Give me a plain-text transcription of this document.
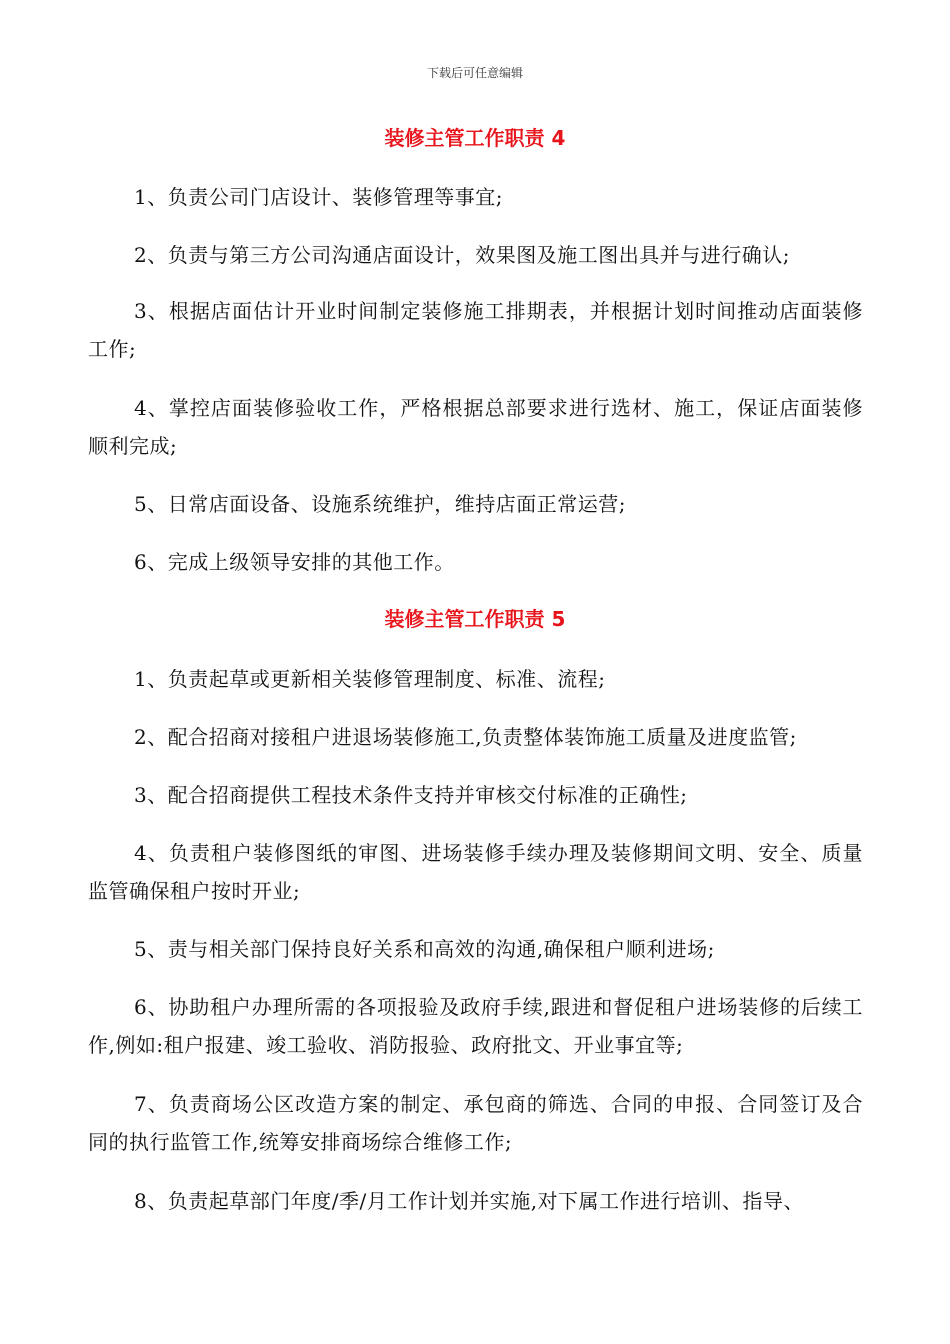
下载后可任意编辑
装修主管工作职责 4
1、负责公司门店设计、装修管理等事宜;
2、负责与第三方公司沟通店面设计，效果图及施工图出具并与进行确认;
3、根据店面估计开业时间制定装修施工排期表，并根据计划时间推动店面装修工作;
4、掌控店面装修验收工作，严格根据总部要求进行选材、施工，保证店面装修顺利完成;
5、日常店面设备、设施系统维护，维持店面正常运营;
6、完成上级领导安排的其他工作。
装修主管工作职责 5
1、负责起草或更新相关装修管理制度、标准、流程;
2、配合招商对接租户进退场装修施工,负责整体装饰施工质量及进度监管;
3、配合招商提供工程技术条件支持并审核交付标准的正确性;
4、负责租户装修图纸的审图、进场装修手续办理及装修期间文明、安全、质量监管确保租户按时开业;
5、责与相关部门保持良好关系和高效的沟通,确保租户顺利进场;
6、协助租户办理所需的各项报验及政府手续,跟进和督促租户进场装修的后续工作,例如:租户报建、竣工验收、消防报验、政府批文、开业事宜等;
7、负责商场公区改造方案的制定、承包商的筛选、合同的申报、合同签订及合同的执行监管工作,统筹安排商场综合维修工作;
8、负责起草部门年度/季/月工作计划并实施,对下属工作进行培训、指导、
